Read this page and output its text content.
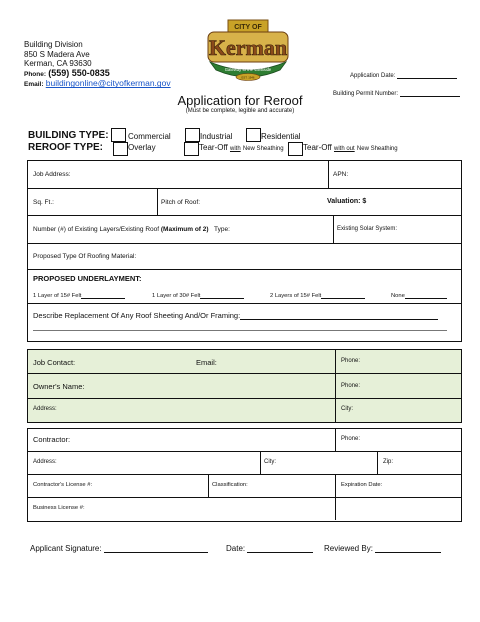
Building Division
850 S Madera Ave
Kerman, CA 93630
Phone: (559) 550-0835
Email: buildingonline@cityofkerman.gov
CITY OF
Kerman
Gateway to the Westside
EST. 1946	Application Date:
Building Permit Number:
Application for Reroof
(Must be complete, legible and accurate)
BUILDING TYPE: Commercial	Industrial	Residential
REROOF TYPE:	Overlay	Tear-Off with New Sheathing Tear-Off with out New Sheathing
Job Address:	APN:
Sq. Ft.:	Pitch of Roof:	Valuation: $
Number (#) of Existing Layers/Existing Roof (Maximum of 2) Type:	Existing Solar System:
Proposed Type Of Roofing Material:
PROPOSED UNDERLAYMENT:
1 Layer of 15# Felt	1 Layer of 30# Felt	2 Layers of 15# Felt	None
Describe Replacement Of Any Roof Sheeting And/Or Framing:
Job Contact:	Email:	Phone:
Owner's Name:	Phone:
Address:	City:
Contractor:	Phone:
Address:	City:	Zip:
Contractor's License #:	Classification:	Expiration Date:
Business License #:
Applicant Signature:	Date:	Reviewed By:
